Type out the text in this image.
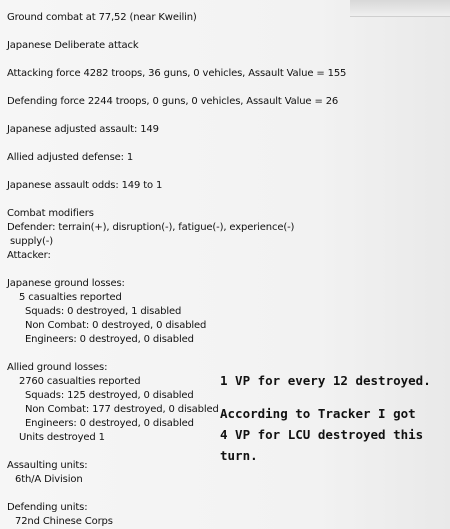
Ground combat at 77,52 (near Kweilin)
Japanese Deliberate attack
Attacking force 4282 troops, 36 guns, 0 vehicles, Assault Value = 155
Defending force 2244 troops, 0 guns, 0 vehicles, Assault Value = 26
Japanese adjusted assault: 149
Allied adjusted defense: 1
Japanese assault odds: 149 to 1
Combat modifiers
Defender: terrain(+), disruption(-), fatigue(-), experience(-)
supply(-)
Attacker:
Japanese ground losses:
5 casualties reported
Squads: 0 destroyed, 1 disabled
Non Combat: 0 destroyed, 0 disabled
Engineers: 0 destroyed, 0 disabled
Allied ground losses:
2760 casualties reported
Squads: 125 destroyed, 0 disabled
Non Combat: 177 destroyed, 0 disabled
Engineers: 0 destroyed, 0 disabled
Units destroyed 1
Assaulting units:
6th/A Division
Defending units:
72nd Chinese Corps
1 VP for every 12 destroyed.
According to Tracker I got
4 VP for LCU destroyed this
turn.
